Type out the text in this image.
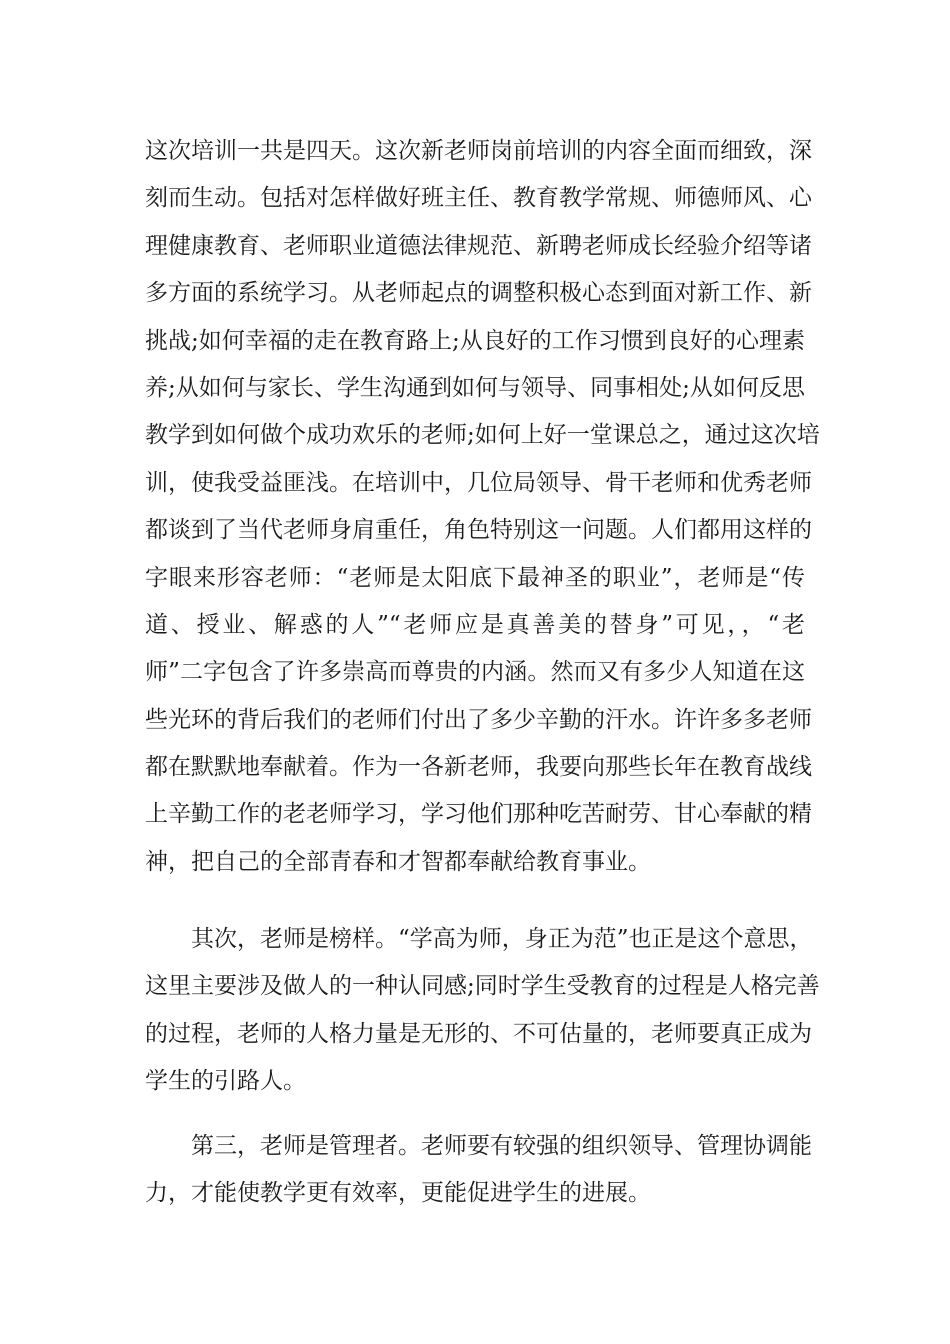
这次培训一共是四天。这次新老师岗前培训的内容全面而细致，深
刻而生动。包括对怎样做好班主任、教育教学常规、师德师风、心
理健康教育、老师职业道德法律规范、新聘老师成长经验介绍等诸
多方面的系统学习。从老师起点的调整积极心态到面对新工作、新
挑战;如何幸福的走在教育路上;从良好的工作习惯到良好的心理素
养;从如何与家长、学生沟通到如何与领导、同事相处;从如何反思
教学到如何做个成功欢乐的老师;如何上好一堂课总之，通过这次培
训，使我受益匪浅。在培训中，几位局领导、骨干老师和优秀老师
都谈到了当代老师身肩重任，角色特别这一问题。人们都用这样的
字眼来形容老师：“老师是太阳底下最神圣的职业”，老师是“传
道、授业、解惑的人”“老师应是真善美的替身”可见，，“老
师”二字包含了许多崇高而尊贵的内涵。然而又有多少人知道在这
些光环的背后我们的老师们付出了多少辛勤的汗水。许许多多老师
都在默默地奉献着。作为一各新老师，我要向那些长年在教育战线
上辛勤工作的老老师学习，学习他们那种吃苦耐劳、甘心奉献的精
神，把自己的全部青春和才智都奉献给教育事业。
其次，老师是榜样。“学高为师，身正为范”也正是这个意思，
这里主要涉及做人的一种认同感;同时学生受教育的过程是人格完善
的过程，老师的人格力量是无形的、不可估量的，老师要真正成为
学生的引路人。
第三，老师是管理者。老师要有较强的组织领导、管理协调能
力，才能使教学更有效率，更能促进学生的进展。
